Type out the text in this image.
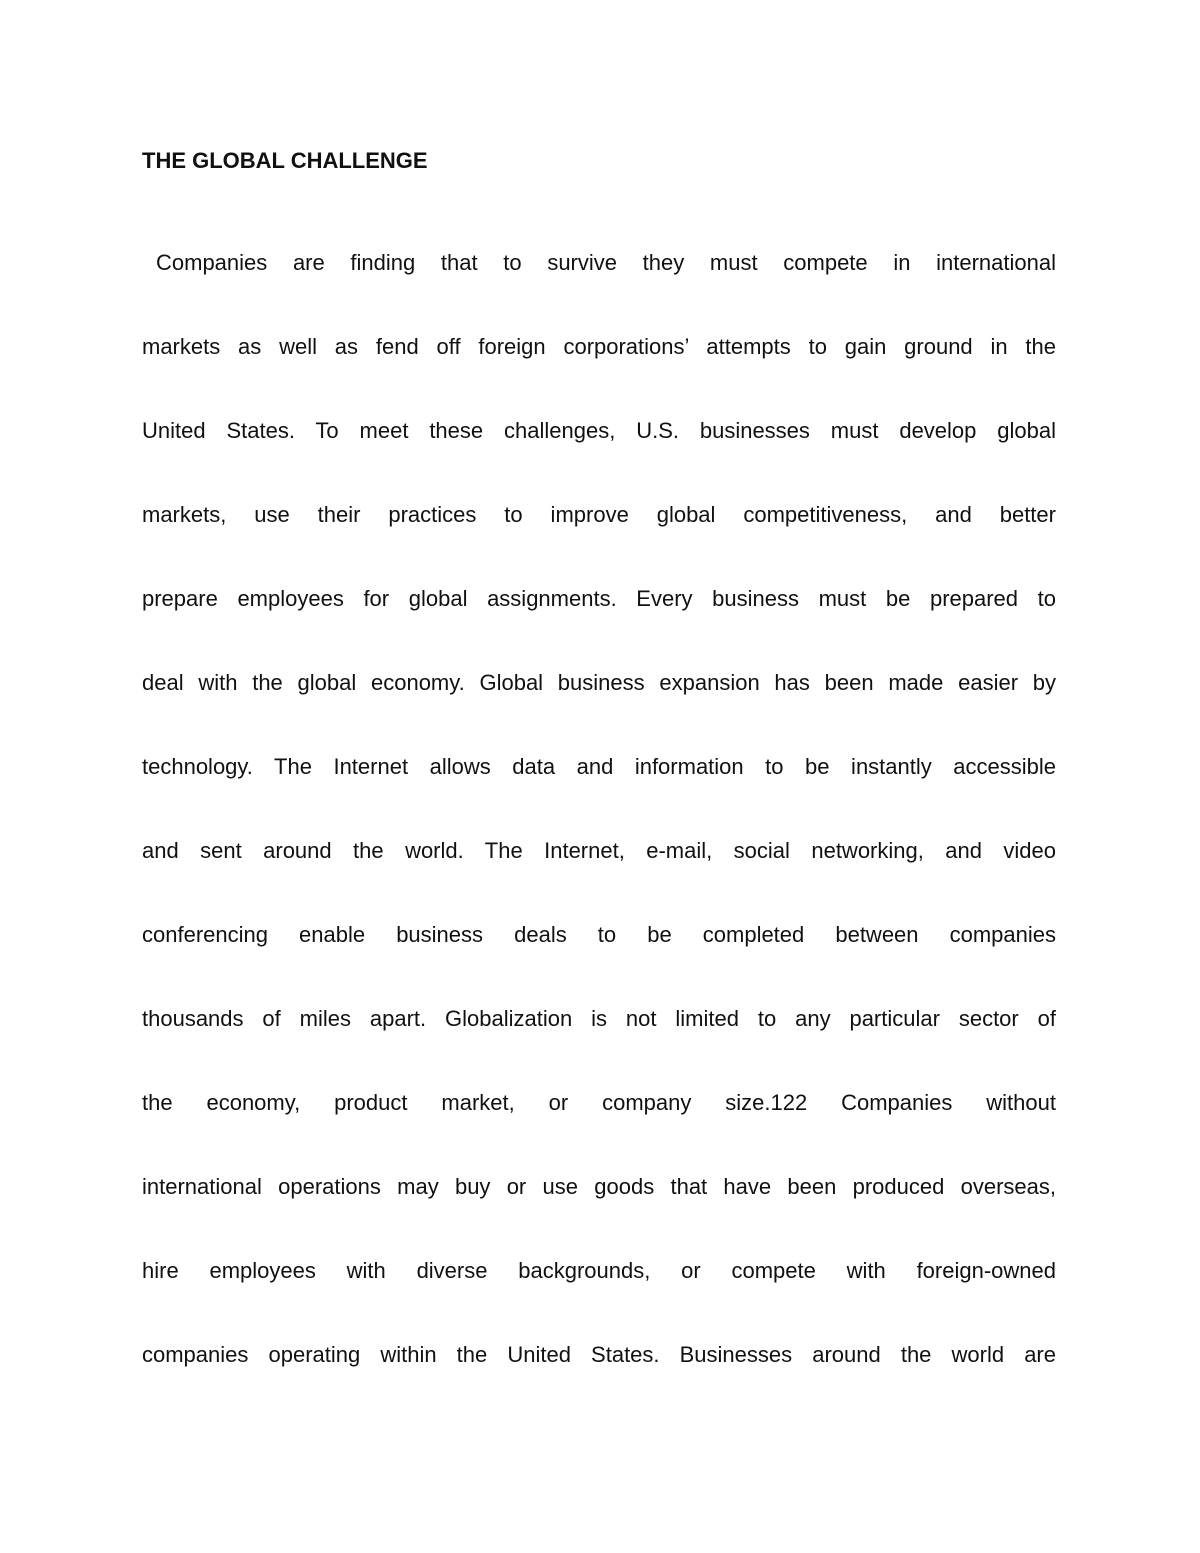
THE GLOBAL CHALLENGE
Companies are finding that to survive they must compete in international
markets as well as fend off foreign corporations’ attempts to gain ground in the
United States. To meet these challenges, U.S. businesses must develop global
markets, use their practices to improve global competitiveness, and better
prepare employees for global assignments. Every business must be prepared to
deal with the global economy. Global business expansion has been made easier by
technology. The Internet allows data and information to be instantly accessible
and sent around the world. The Internet, e-mail, social networking, and video
conferencing enable business deals to be completed between companies
thousands of miles apart. Globalization is not limited to any particular sector of
the economy, product market, or company size.122 Companies without
international operations may buy or use goods that have been produced overseas,
hire employees with diverse backgrounds, or compete with foreign-owned
companies operating within the United States. Businesses around the world are
